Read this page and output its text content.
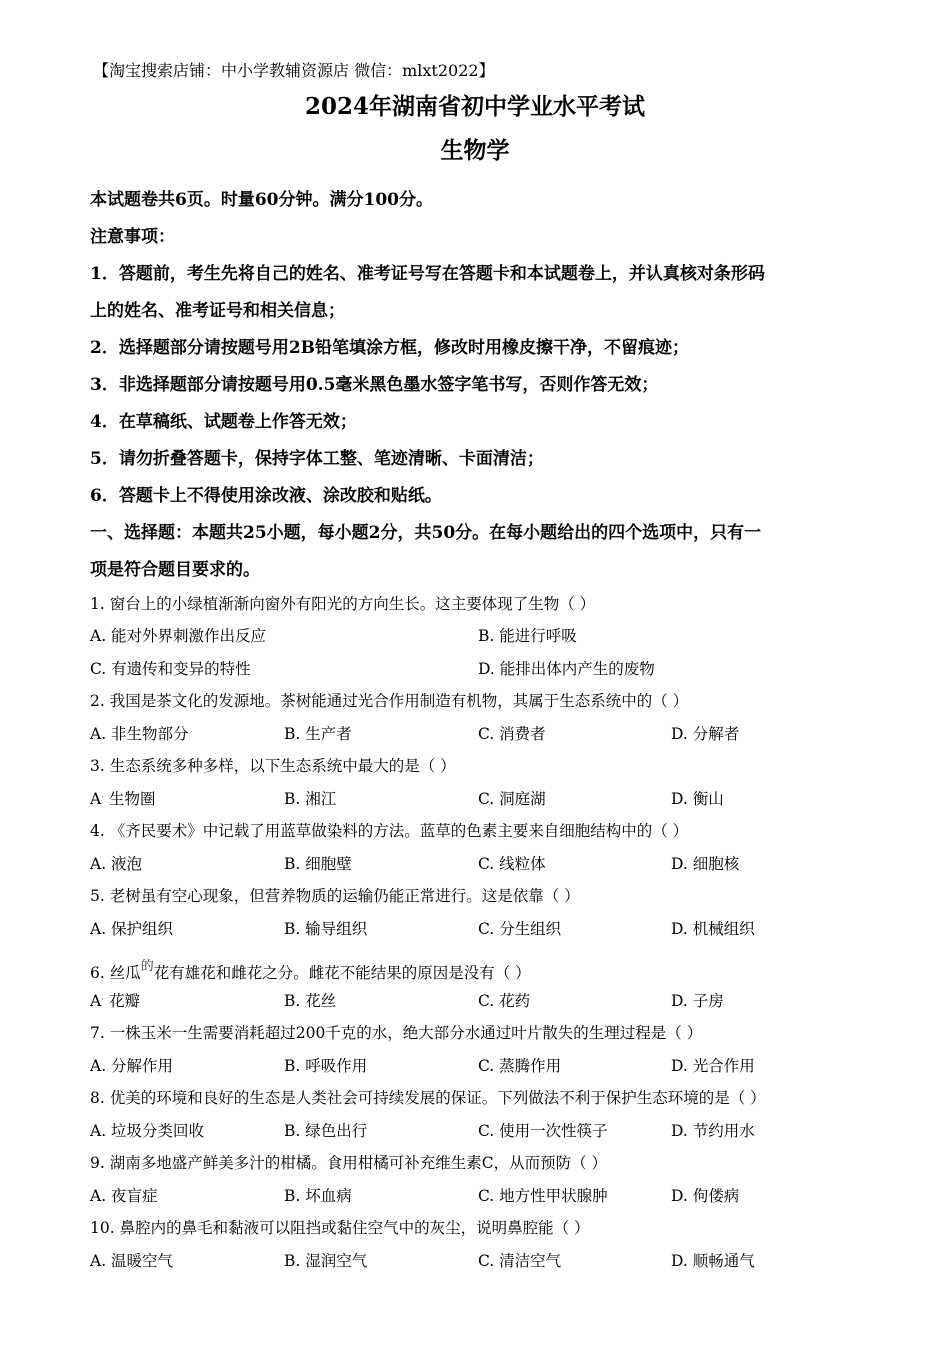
【淘宝搜索店铺：中小学教辅资源店 微信：mlxt2022】
2024年湖南省初中学业水平考试
生物学
本试题卷共6页。时量60分钟。满分100分。
注意事项：
1．答题前，考生先将自己的姓名、准考证号写在答题卡和本试题卷上，并认真核对条形码
上的姓名、准考证号和相关信息；
2．选择题部分请按题号用2B铅笔填涂方框，修改时用橡皮擦干净，不留痕迹；
3．非选择题部分请按题号用0.5毫米黑色墨水签字笔书写，否则作答无效；
4．在草稿纸、试题卷上作答无效；
5．请勿折叠答题卡，保持字体工整、笔迹清晰、卡面清洁；
6．答题卡上不得使用涂改液、涂改胶和贴纸。
一、选择题：本题共25小题，每小题2分，共50分。在每小题给出的四个选项中，只有一
项是符合题目要求的。
1. 窗台上的小绿植渐渐向窗外有阳光的方向生长。这主要体现了生物（ ）
A. 能对外界刺激作出反应	B. 能进行呼吸
C. 有遗传和变异的特性	D. 能排出体内产生的废物
2. 我国是茶文化的发源地。茶树能通过光合作用制造有机物，其属于生态系统中的（ ）
A. 非生物部分	B. 生产者	C. 消费者	D. 分解者
3. 生态系统多种多样，以下生态系统中最大的是（ ）
A· 生物圈	B. 湘江	C. 洞庭湖	D. 衡山
4. 《齐民要术》中记载了用蓝草做染料的方法。蓝草的色素主要来自细胞结构中的（ ）
A. 液泡	B. 细胞壁	C. 线粒体	D. 细胞核
5. 老树虽有空心现象，但营养物质的运输仍能正常进行。这是依靠（ ）
A. 保护组织	B. 输导组织	C. 分生组织	D. 机械组织
6. 丝瓜$^的$花有雄花和雌花之分。雌花不能结果的原因是没有（ ）
A· 花瓣	B. 花丝	C. 花药	D. 子房
7. 一株玉米一生需要消耗超过200千克的水，绝大部分水通过叶片散失的生理过程是（ ）
A. 分解作用	B. 呼吸作用	C. 蒸腾作用	D. 光合作用
8. 优美的环境和良好的生态是人类社会可持续发展的保证。下列做法不利于保护生态环境的是（ ）
A. 垃圾分类回收	B. 绿色出行	C. 使用一次性筷子	D. 节约用水
9. 湖南多地盛产鲜美多汁的柑橘。食用柑橘可补充维生素C，从而预防（ ）
A. 夜盲症	B. 坏血病	C. 地方性甲状腺肿	D. 佝偻病
10. 鼻腔内的鼻毛和黏液可以阻挡或黏住空气中的灰尘，说明鼻腔能（ ）
A. 温暖空气	B. 湿润空气	C. 清洁空气	D. 顺畅通气
